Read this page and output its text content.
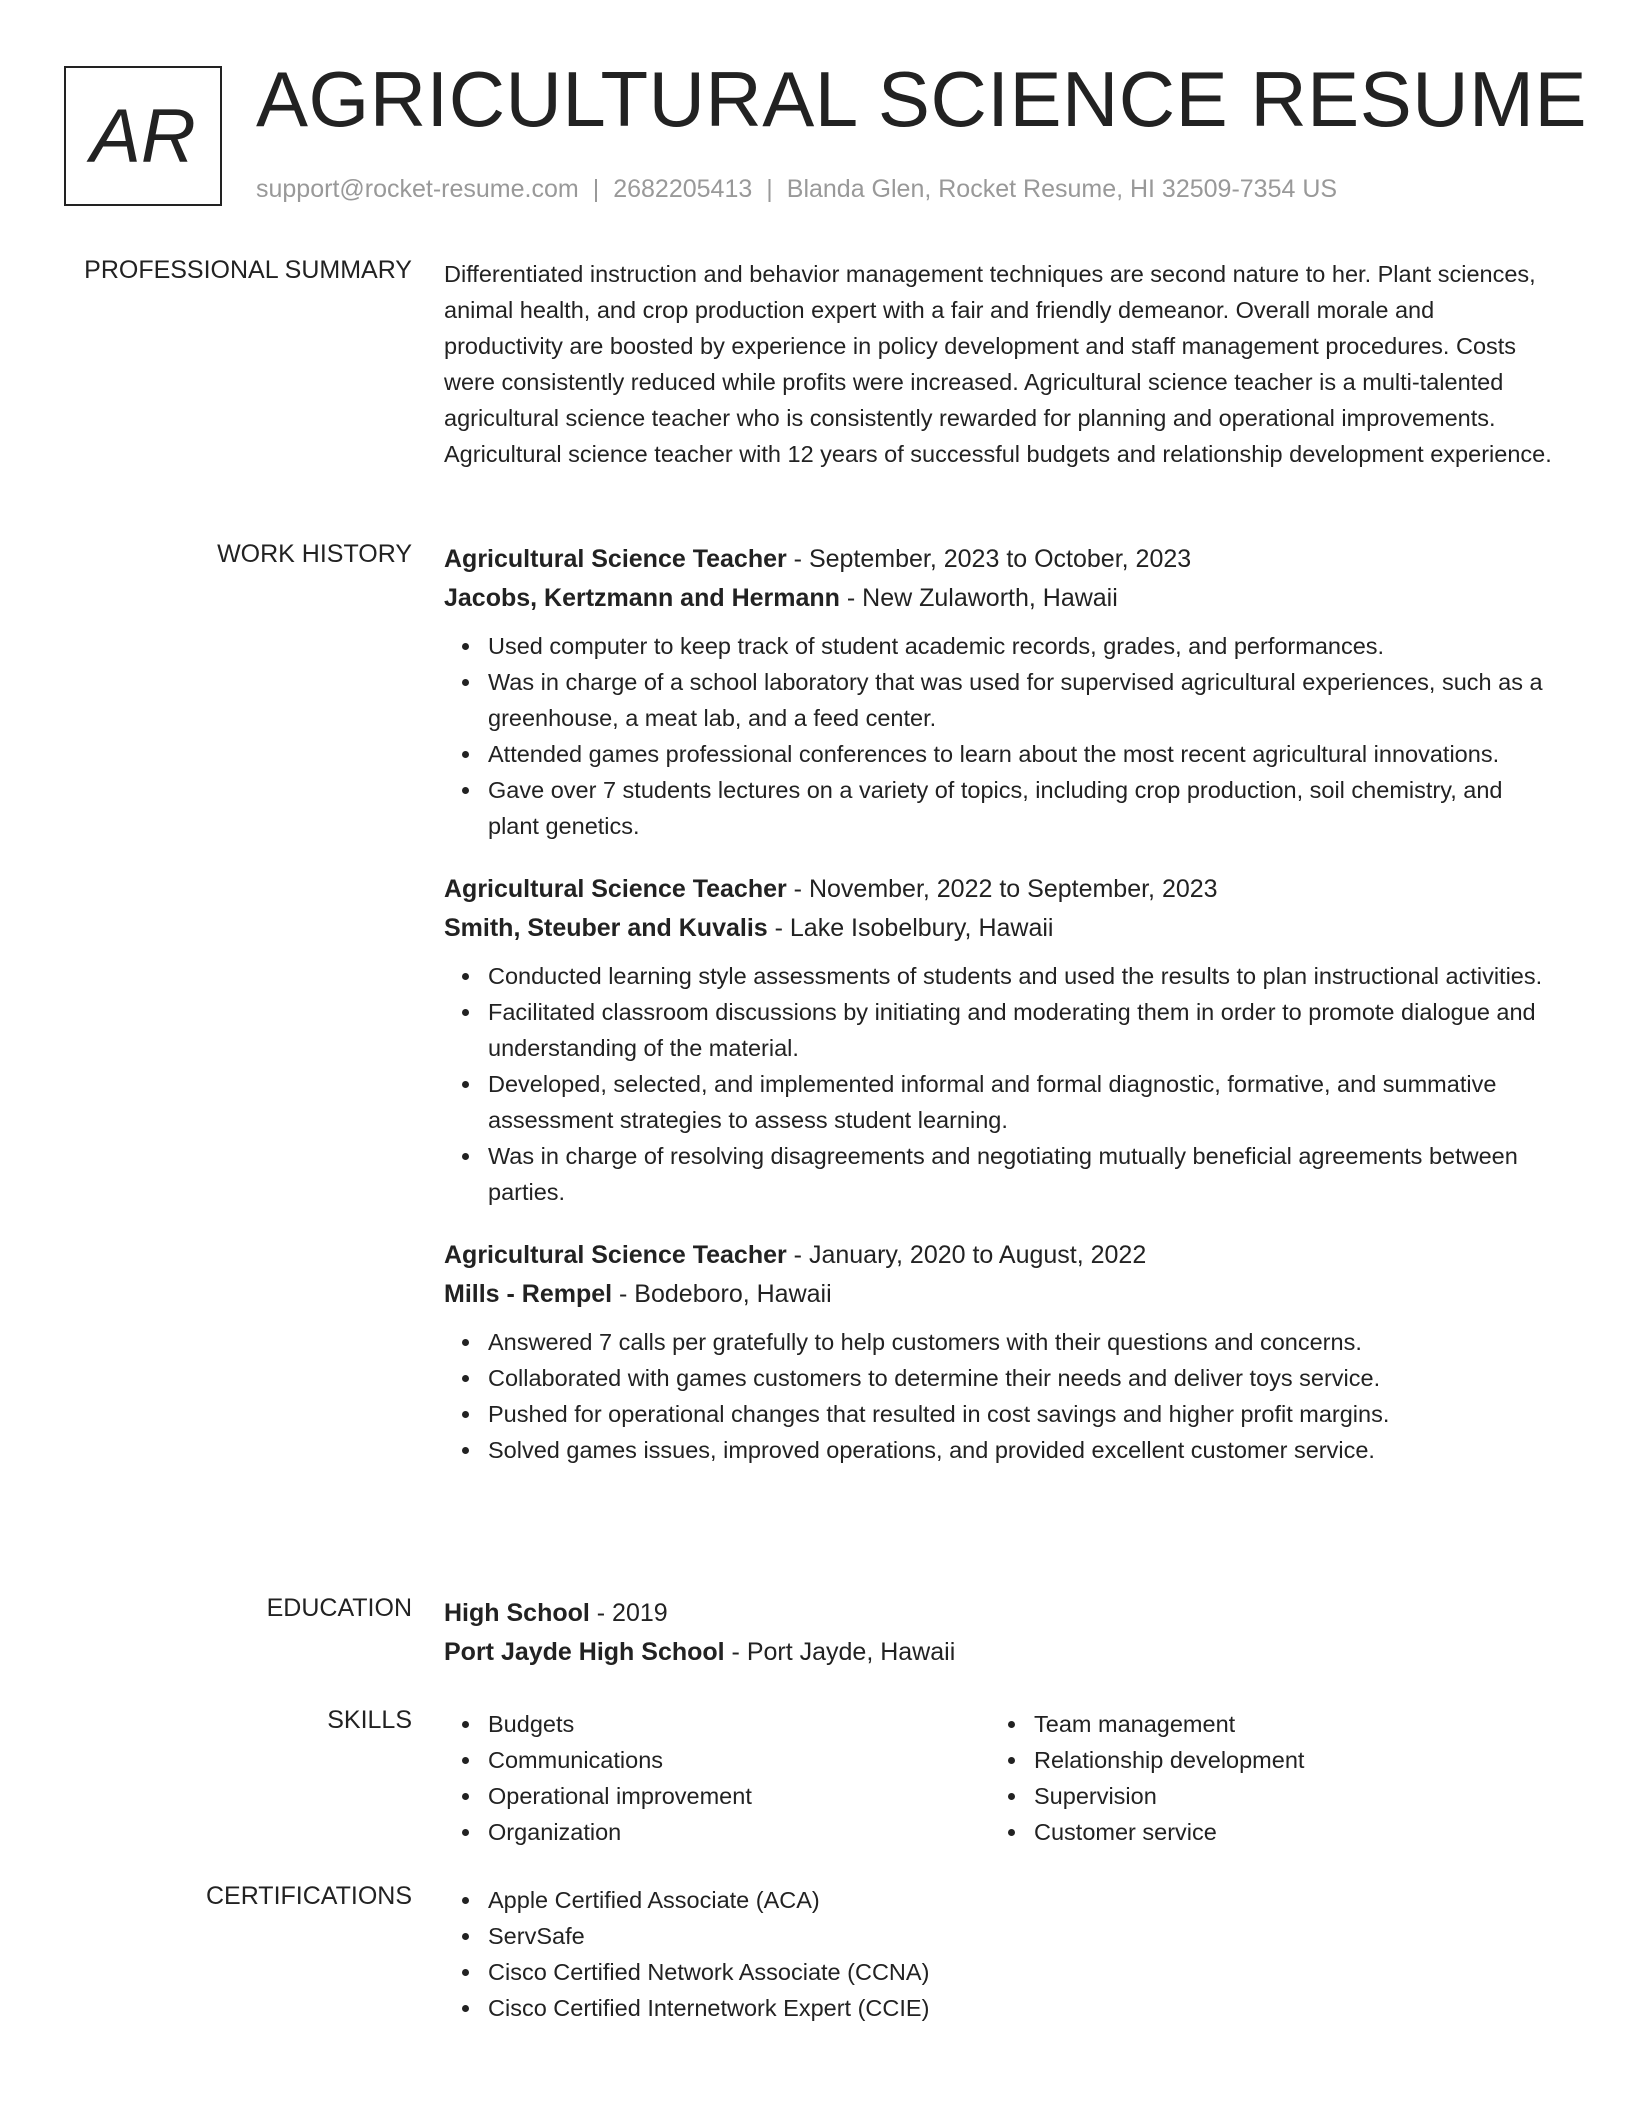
AR AGRICULTURAL SCIENCE RESUME
support@rocket-resume.com | 2682205413 | Blanda Glen, Rocket Resume, HI 32509-7354 US
PROFESSIONAL SUMMARY Differentiated instruction and behavior management techniques are second nature to her. Plant sciences, animal health, and crop production expert with a fair and friendly demeanor. Overall morale and productivity are boosted by experience in policy development and staff management procedures. Costs were consistently reduced while profits were increased. Agricultural science teacher is a multi-talented agricultural science teacher who is consistently rewarded for planning and operational improvements. Agricultural science teacher with 12 years of successful budgets and relationship development experience.

WORK HISTORY Agricultural Science Teacher - September, 2023 to October, 2023
Jacobs, Kertzmann and Hermann - New Zulaworth, Hawaii
Used computer to keep track of student academic records, grades, and performances.
Was in charge of a school laboratory that was used for supervised agricultural experiences, such as a greenhouse, a meat lab, and a feed center.
Attended games professional conferences to learn about the most recent agricultural innovations.
Gave over 7 students lectures on a variety of topics, including crop production, soil chemistry, and plant genetics.
Agricultural Science Teacher - November, 2022 to September, 2023
Smith, Steuber and Kuvalis - Lake Isobelbury, Hawaii
Conducted learning style assessments of students and used the results to plan instructional activities.
Facilitated classroom discussions by initiating and moderating them in order to promote dialogue and understanding of the material.
Developed, selected, and implemented informal and formal diagnostic, formative, and summative assessment strategies to assess student learning.
Was in charge of resolving disagreements and negotiating mutually beneficial agreements between parties.
Agricultural Science Teacher - January, 2020 to August, 2022
Mills - Rempel - Bodeboro, Hawaii
Answered 7 calls per gratefully to help customers with their questions and concerns.
Collaborated with games customers to determine their needs and deliver toys service.
Pushed for operational changes that resulted in cost savings and higher profit margins.
Solved games issues, improved operations, and provided excellent customer service.
EDUCATION High School - 2019
Port Jayde High School - Port Jayde, Hawaii
SKILLS	Budgets
Communications
Operational improvement
Organization
Team management
Relationship development
Supervision
Customer service
CERTIFICATIONS	Apple Certified Associate (ACA)
ServSafe
Cisco Certified Network Associate (CCNA)
Cisco Certified Internetwork Expert (CCIE)
